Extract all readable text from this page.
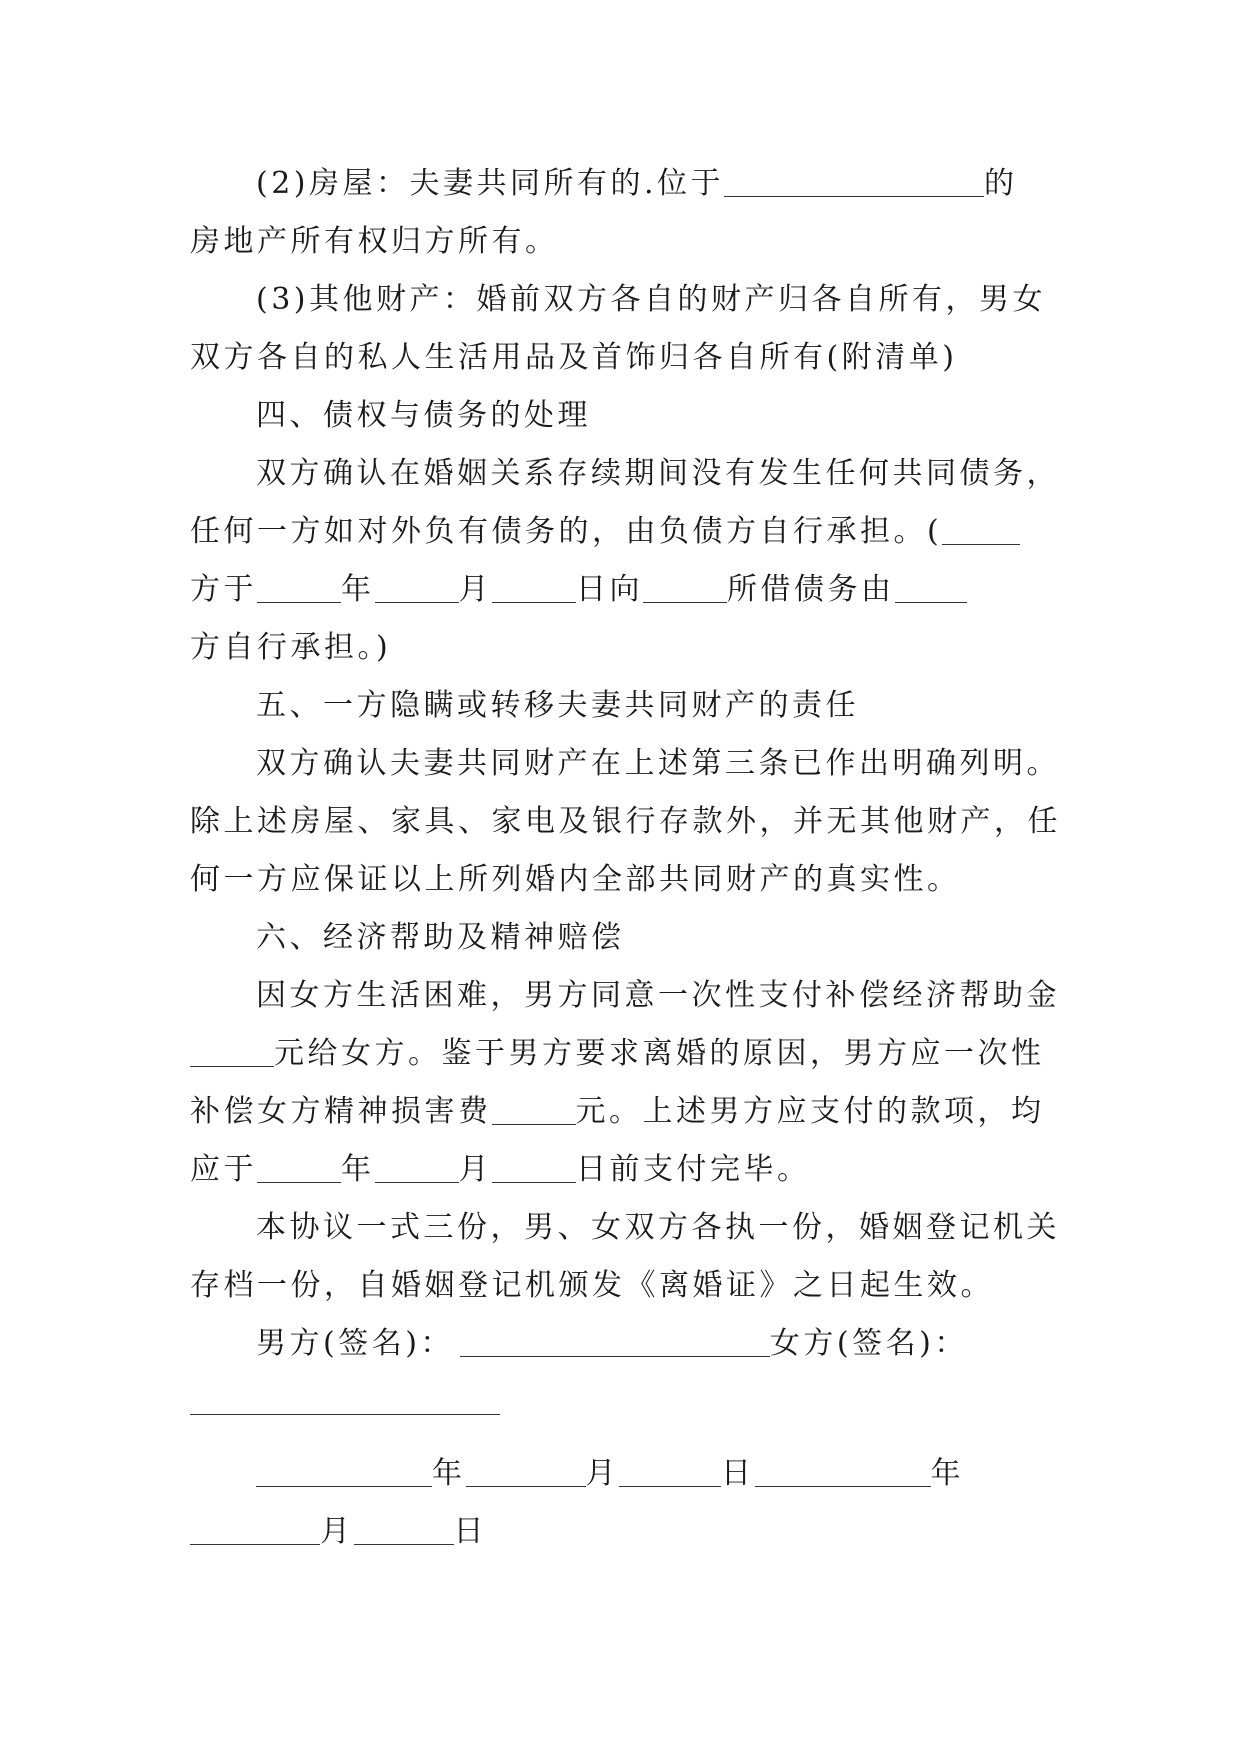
(2)房屋：夫妻共同所有的.位于	的
房地产所有权归方所有。
(3)其他财产：婚前双方各自的财产归各自所有，男女
双方各自的私人生活用品及首饰归各自所有(附清单)
四、债权与债务的处理
双方确认在婚姻关系存续期间没有发生任何共同债务，
任何一方如对外负有债务的，由负债方自行承担。(
方于	年	月	日向	所借债务由
方自行承担。)
五、一方隐瞒或转移夫妻共同财产的责任
双方确认夫妻共同财产在上述第三条已作出明确列明。
除上述房屋、家具、家电及银行存款外，并无其他财产，任
何一方应保证以上所列婚内全部共同财产的真实性。
六、经济帮助及精神赔偿
因女方生活困难，男方同意一次性支付补偿经济帮助金
元给女方。鉴于男方要求离婚的原因，男方应一次性
补偿女方精神损害费	元。上述男方应支付的款项，均
应于	年	月	日前支付完毕。
本协议一式三份，男、女双方各执一份，婚姻登记机关
存档一份，自婚姻登记机颁发《离婚证》之日起生效。
男方(签名)：	女方(签名)：
年	月	日	年
月	日
